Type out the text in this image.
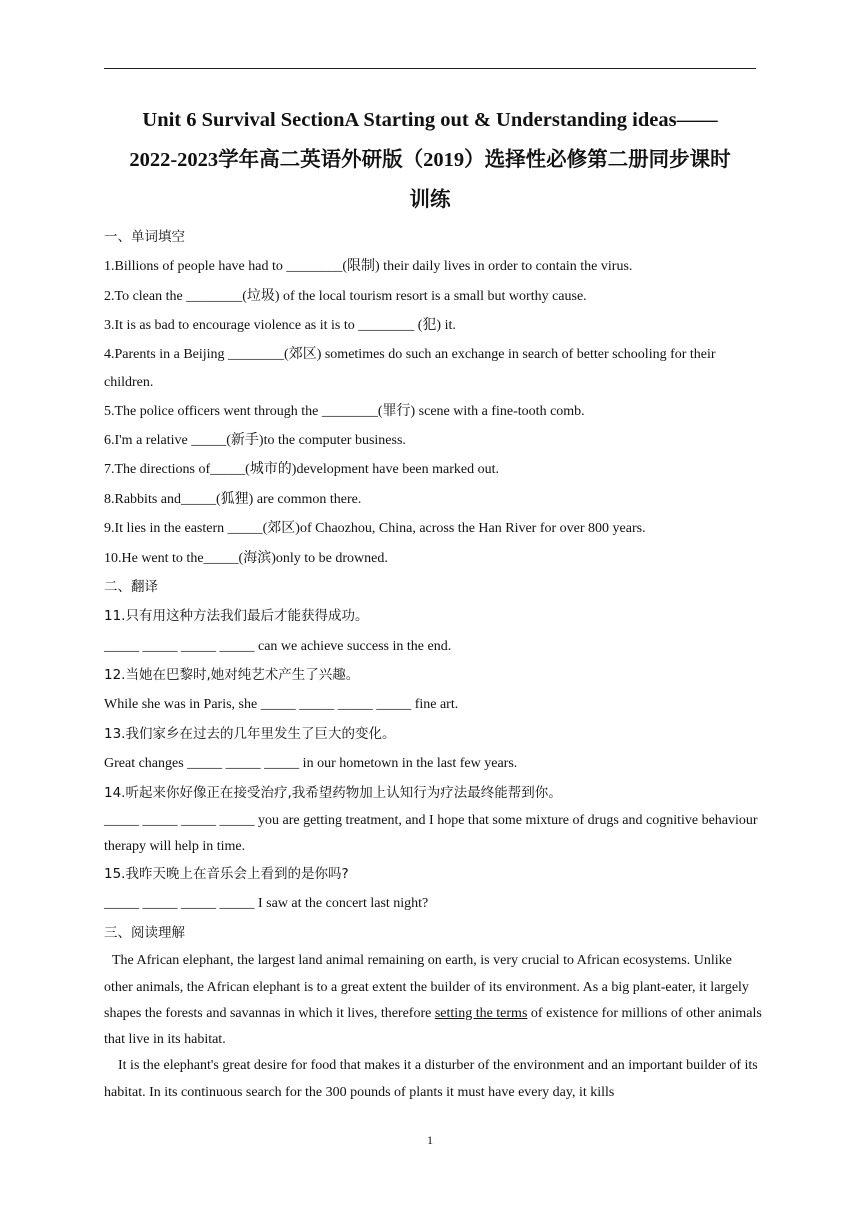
Unit 6 Survival SectionA Starting out & Understanding ideas——
2022-2023学年高二英语外研版（2019）选择性必修第二册同步课时
训练
一、单词填空
1.Billions of people have had to ________(限制) their daily lives in order to contain the virus.
2.To clean the ________(垃圾) of the local tourism resort is a small but worthy cause.
3.It is as bad to encourage violence as it is to ________ (犯) it.
4.Parents in a Beijing ________(郊区) sometimes do such an exchange in search of better schooling for their children.
5.The police officers went through the ________(罪行) scene with a fine-tooth comb.
6.I'm a relative _____(新手)to the computer business.
7.The directions of_____(城市的)development have been marked out.
8.Rabbits and_____(狐狸) are common there.
9.It lies in the eastern _____(郊区)of Chaozhou, China, across the Han River for over 800 years.
10.He went to the_____(海滨)only to be drowned.
二、翻译
11.只有用这种方法我们最后才能获得成功。
_____ _____ _____ _____ can we achieve success in the end.
12.当她在巴黎时,她对纯艺术产生了兴趣。
While she was in Paris, she _____ _____ _____ _____ fine art.
13.我们家乡在过去的几年里发生了巨大的变化。
Great changes _____ _____ _____ in our hometown in the last few years.
14.听起来你好像正在接受治疗,我希望药物加上认知行为疗法最终能帮到你。
_____ _____ _____ _____ you are getting treatment, and I hope that some mixture of drugs and cognitive behaviour therapy will help in time.
15.我昨天晚上在音乐会上看到的是你吗?
_____ _____ _____ _____ I saw at the concert last night?
三、阅读理解

The African elephant, the largest land animal remaining on earth, is very crucial to African ecosystems. Unlike other animals, the African elephant is to a great extent the builder of its environment. As a big plant-eater, it largely shapes the forests and savannas in which it lives, therefore setting the terms of existence for millions of other animals that live in its habitat.

It is the elephant's great desire for food that makes it a disturber of the environment and an important builder of its habitat. In its continuous search for the 300 pounds of plants it must have every day, it kills

1
